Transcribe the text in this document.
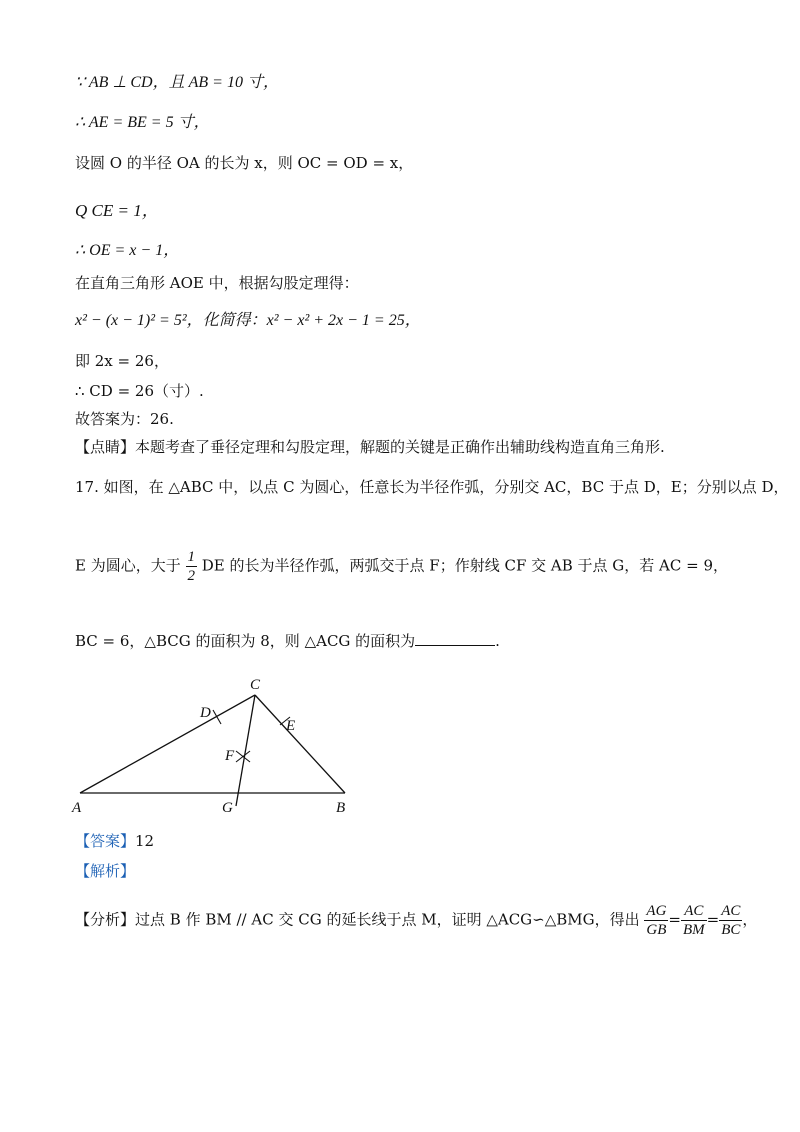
∵ AB ⊥ CD，且 AB = 10 寸，
∴ AE = BE = 5 寸，
设圆 O 的半径 OA 的长为 x，则 OC = OD = x，
Q CE = 1，
∴ OE = x − 1，
在直角三角形 AOE 中，根据勾股定理得：
x² − (x − 1)² = 5²，化简得：x² − x² + 2x − 1 = 25，
即 2x = 26，
∴ CD = 26（寸）.
故答案为：26.
【点睛】本题考查了垂径定理和勾股定理，解题的关键是正确作出辅助线构造直角三角形.
17. 如图，在 △ABC 中，以点 C 为圆心，任意长为半径作弧，分别交 AC，BC 于点 D，E；分别以点 D，
E 为圆心，大于 $\frac{1}{2}$ DE 的长为半径作弧，两弧交于点 F；作射线 CF 交 AB 于点 G，若 AC = 9，
BC = 6，△BCG 的面积为 8，则 △ACG 的面积为	.
A	B
C
D
E
F
G
【答案】12
【解析】
【分析】过点 B 作 BM // AC 交 CG 的延长线于点 M，证明 △ACG∽△BMG，得出 $\frac{AG}{GB} = \frac{AC}{BM} = \frac{AC}{BC}$ ，
